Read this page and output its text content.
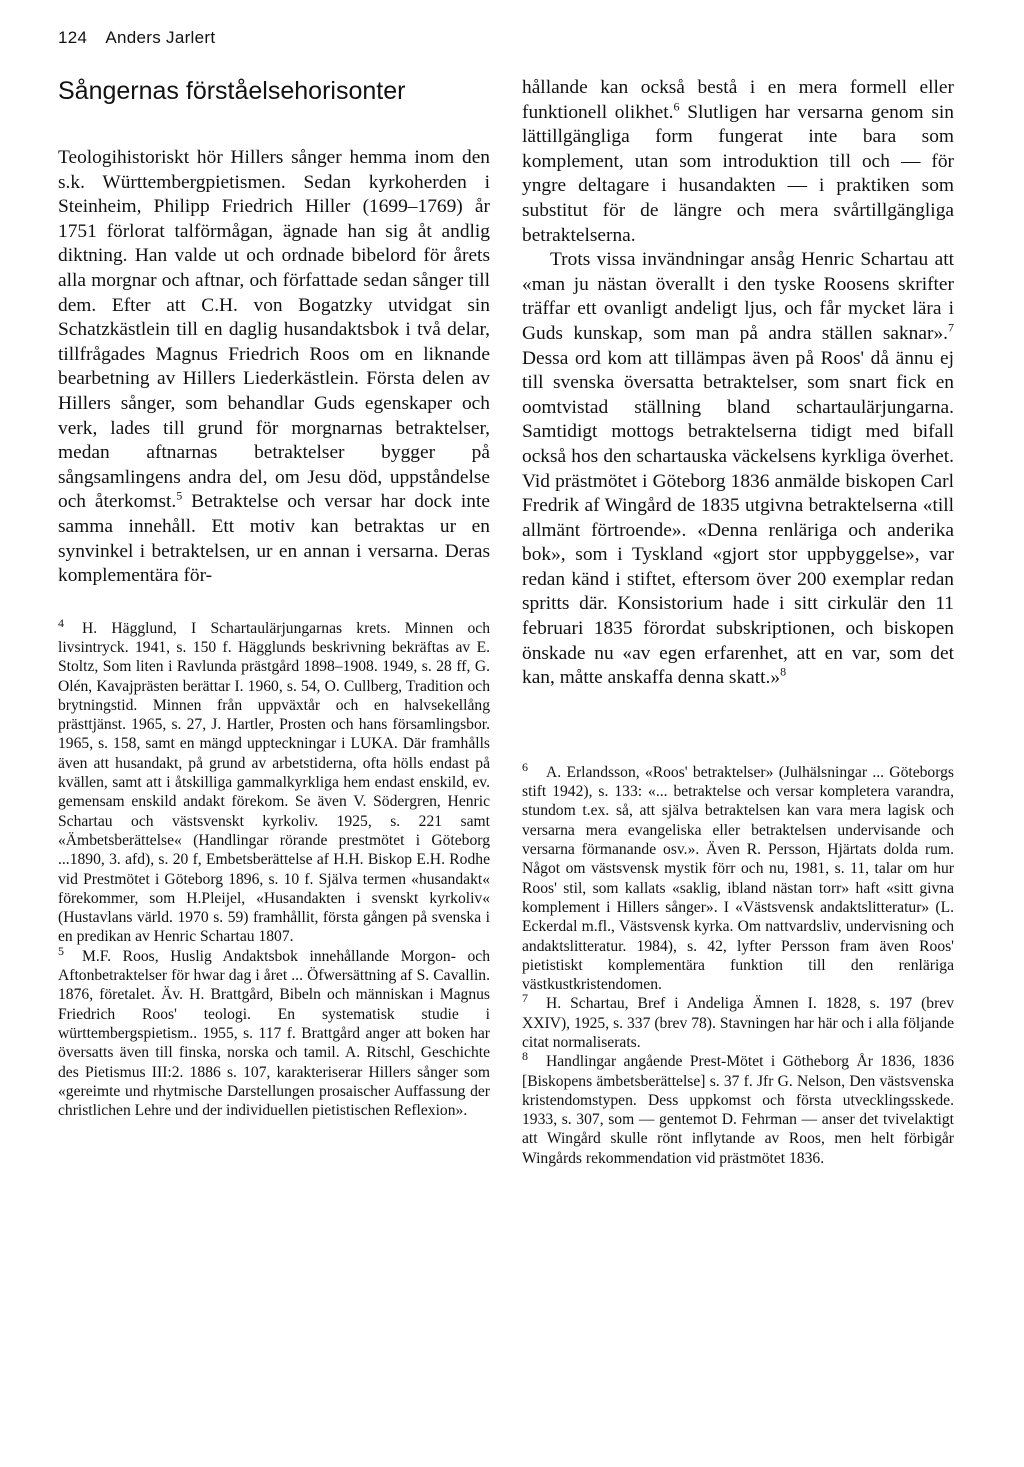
124 Anders Jarlert
Sångernas förståelsehorisonter

Teologihistoriskt hör Hillers sånger hemma inom den s.k. Württembergpietismen. Sedan kyrkoherden i Steinheim, Philipp Friedrich Hiller (1699–1769) år 1751 förlorat talförmågan, ägnade han sig åt andlig diktning. Han valde ut och ordnade bibelord för årets alla morgnar och aftnar, och författade sedan sånger till dem. Efter att C.H. von Bogatzky utvidgat sin Schatzkästlein till en daglig husandaktsbok i två delar, tillfrågades Magnus Friedrich Roos om en liknande bearbetning av Hillers Liederkästlein. Första delen av Hillers sånger, som behandlar Guds egenskaper och verk, lades till grund för morgnarnas betraktelser, medan aftnarnas betraktelser bygger på sångsamlingens andra del, om Jesu död, uppståndelse och återkomst.$^5$ Betraktelse och versar har dock inte samma innehåll. Ett motiv kan betraktas ur en synvinkel i betraktelsen, ur en annan i versarna. Deras komplementära för-

$^4$ H. Hägglund, I Schartaulärjungarnas krets. Minnen och livsintryck. 1941, s. 150 f. Hägglunds beskrivning bekräftas av E. Stoltz, Som liten i Ravlunda prästgård 1898–1908. 1949, s. 28 ff, G. Olén, Kavajprästen berättar I. 1960, s. 54, O. Cullberg, Tradition och brytningstid. Minnen från uppväxtår och en halvsekellång prästtjänst. 1965, s. 27, J. Hartler, Prosten och hans församlingsbor. 1965, s. 158, samt en mängd uppteckningar i LUKA. Där framhålls även att husandakt, på grund av arbetstiderna, ofta hölls endast på kvällen, samt att i åtskilliga gammalkyrkliga hem endast enskild, ev. gemensam enskild andakt förekom. Se även V. Södergren, Henric Schartau och västsvenskt kyrkoliv. 1925, s. 221 samt «Ämbetsberättelse« (Handlingar rörande prestmötet i Göteborg ...1890, 3. afd), s. 20 f, Embetsberättelse af H.H. Biskop E.H. Rodhe vid Prestmötet i Göteborg 1896, s. 10 f. Själva termen «husandakt« förekommer, som H.Pleijel, «Husandakten i svenskt kyrkoliv« (Hustavlans värld. 1970 s. 59) framhållit, första gången på svenska i en predikan av Henric Schartau 1807.

$^5$ M.F. Roos, Huslig Andaktsbok innehållande Morgon- och Aftonbetraktelser för hwar dag i året ... Öfwersättning af S. Cavallin. 1876, företalet. Äv. H. Brattgård, Bibeln och människan i Magnus Friedrich Roos' teologi. En systematisk studie i württembergspietism.. 1955, s. 117 f. Brattgård anger att boken har översatts även till finska, norska och tamil. A. Ritschl, Geschichte des Pietismus III:2. 1886 s. 107, karakteriserar Hillers sånger som «gereimte und rhytmische Darstellungen prosaischer Auffassung der christlichen Lehre und der individuellen pietistischen Reflexion».

hållande kan också bestå i en mera formell eller funktionell olikhet.$^6$ Slutligen har versarna genom sin lättillgängliga form fungerat inte bara som komplement, utan som introduktion till och — för yngre deltagare i husandakten — i praktiken som substitut för de längre och mera svårtillgängliga betraktelserna.

Trots vissa invändningar ansåg Henric Schartau att «man ju nästan överallt i den tyske Roosens skrifter träffar ett ovanligt andeligt ljus, och får mycket lära i Guds kunskap, som man på andra ställen saknar».$^7$ Dessa ord kom att tillämpas även på Roos' då ännu ej till svenska översatta betraktelser, som snart fick en oomtvistad ställning bland schartaulärjungarna. Samtidigt mottogs betraktelserna tidigt med bifall också hos den schartauska väckelsens kyrkliga överhet. Vid prästmötet i Göteborg 1836 anmälde biskopen Carl Fredrik af Wingård de 1835 utgivna betraktelserna «till allmänt förtroende». «Denna renläriga och anderika bok», som i Tyskland «gjort stor uppbyggelse», var redan känd i stiftet, eftersom över 200 exemplar redan spritts där. Konsistorium hade i sitt cirkulär den 11 februari 1835 förordat subskriptionen, och biskopen önskade nu «av egen erfarenhet, att en var, som det kan, måtte anskaffa denna skatt.»$^8$

$^6$ A. Erlandsson, «Roos' betraktelser» (Julhälsningar ... Göteborgs stift 1942), s. 133: «... betraktelse och versar kompletera varandra, stundom t.ex. så, att själva betraktelsen kan vara mera lagisk och versarna mera evangeliska eller betraktelsen undervisande och versarna förmanande osv.». Även R. Persson, Hjärtats dolda rum. Något om västsvensk mystik förr och nu, 1981, s. 11, talar om hur Roos' stil, som kallats «saklig, ibland nästan torr» haft «sitt givna komplement i Hillers sånger». I «Västsvensk andaktslitteratur» (L. Eckerdal m.fl., Västsvensk kyrka. Om nattvardsliv, undervisning och andaktslitteratur. 1984), s. 42, lyfter Persson fram även Roos' pietistiskt komplementära funktion till den renläriga västkustkristendomen.

$^7$ H. Schartau, Bref i Andeliga Ämnen I. 1828, s. 197 (brev XXIV), 1925, s. 337 (brev 78). Stavningen har här och i alla följande citat normaliserats.

$^8$ Handlingar angående Prest-Mötet i Götheborg År 1836, 1836 [Biskopens ämbetsberättelse] s. 37 f. Jfr G. Nelson, Den västsvenska kristendomstypen. Dess uppkomst och första utvecklingsskede. 1933, s. 307, som — gentemot D. Fehrman — anser det tvivelaktigt att Wingård skulle rönt inflytande av Roos, men helt förbigår Wingårds rekommendation vid prästmötet 1836.
